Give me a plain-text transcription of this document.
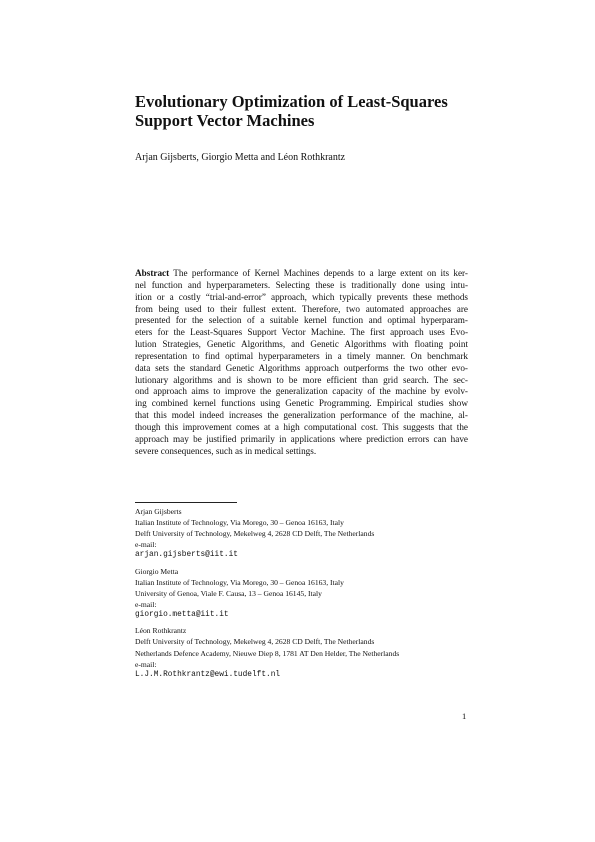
Evolutionary Optimization of Least-Squares
Support Vector Machines
Arjan Gijsberts, Giorgio Metta and Léon Rothkrantz
Abstract The performance of Kernel Machines depends to a large extent on its ker-
nel function and hyperparameters. Selecting these is traditionally done using intu-
ition or a costly “trial-and-error” approach, which typically prevents these methods
from being used to their fullest extent. Therefore, two automated approaches are
presented for the selection of a suitable kernel function and optimal hyperparam-
eters for the Least-Squares Support Vector Machine. The first approach uses Evo-
lution Strategies, Genetic Algorithms, and Genetic Algorithms with floating point
representation to find optimal hyperparameters in a timely manner. On benchmark
data sets the standard Genetic Algorithms approach outperforms the two other evo-
lutionary algorithms and is shown to be more efficient than grid search. The sec-
ond approach aims to improve the generalization capacity of the machine by evolv-
ing combined kernel functions using Genetic Programming. Empirical studies show
that this model indeed increases the generalization performance of the machine, al-
though this improvement comes at a high computational cost. This suggests that the
approach may be justified primarily in applications where prediction errors can have
severe consequences, such as in medical settings.
Arjan Gijsberts
Italian Institute of Technology, Via Morego, 30 – Genoa 16163, Italy
Delft University of Technology, Mekelweg 4, 2628 CD Delft, The Netherlands
e-mail:
arjan.gijsberts@iit.it
Giorgio Metta
Italian Institute of Technology, Via Morego, 30 – Genoa 16163, Italy
University of Genoa, Viale F. Causa, 13 – Genoa 16145, Italy
e-mail:
giorgio.metta@iit.it
Léon Rothkrantz
Delft University of Technology, Mekelweg 4, 2628 CD Delft, The Netherlands
Netherlands Defence Academy, Nieuwe Diep 8, 1781 AT Den Helder, The Netherlands
e-mail:
L.J.M.Rothkrantz@ewi.tudelft.nl
1
